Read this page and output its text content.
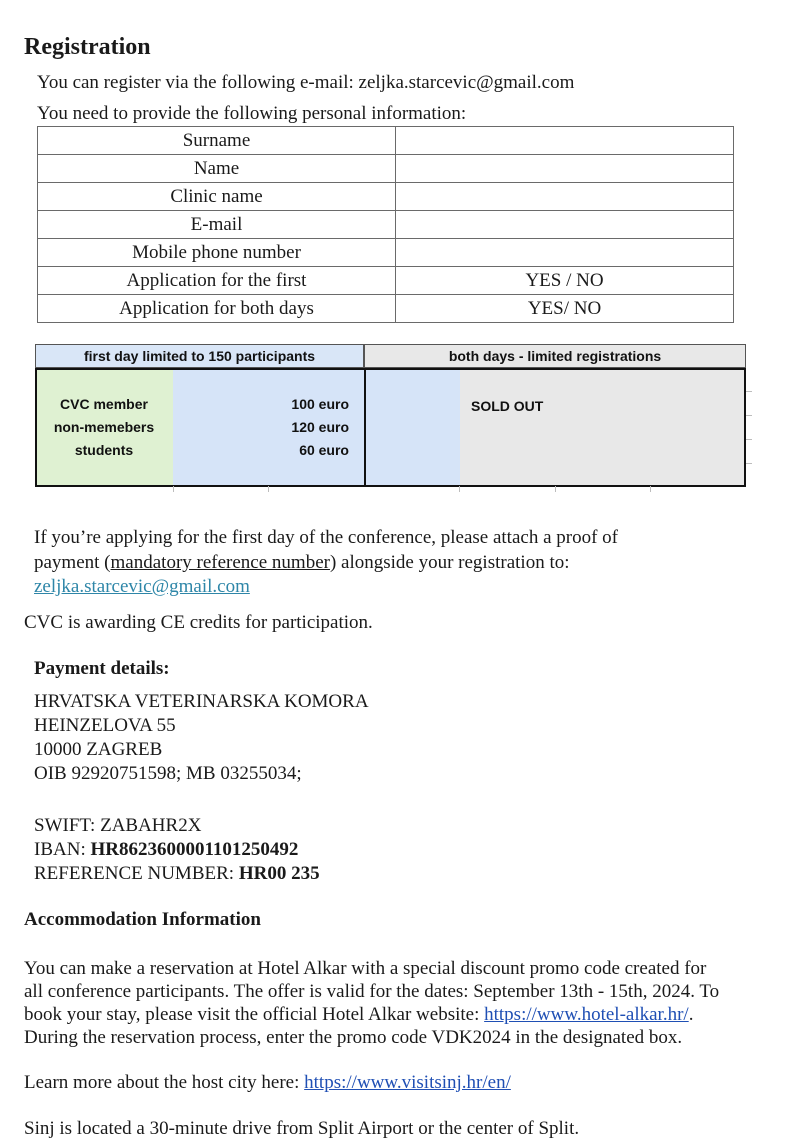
Registration
You can register via the following e-mail: zeljka.starcevic@gmail.com
You need to provide the following personal information:
Surname	
Name	
Clinic name	
E-mail	
Mobile phone number	
Application for the first	YES / NO
Application for both days	YES/ NO
first day limited to 150 participants	both days - limited registrations
CVC member	100 euro
non-memebers	120 euro
students	60 euro
SOLD OUT
If you’re applying for the first day of the conference, please attach a proof of
payment (mandatory reference number) alongside your registration to:
zeljka.starcevic@gmail.com
CVC is awarding CE credits for participation.
Payment details:
HRVATSKA VETERINARSKA KOMORA
HEINZELOVA 55
10000 ZAGREB
OIB 92920751598; MB 03255034;
SWIFT: ZABAHR2X
IBAN: HR8623600001101250492
REFERENCE NUMBER: HR00 235
Accommodation Information
You can make a reservation at Hotel Alkar with a special discount promo code created for
all conference participants. The offer is valid for the dates: September 13th - 15th, 2024. To
book your stay, please visit the official Hotel Alkar website: https://www.hotel-alkar.hr/.
During the reservation process, enter the promo code VDK2024 in the designated box.
Learn more about the host city here: https://www.visitsinj.hr/en/
Sinj is located a 30-minute drive from Split Airport or the center of Split.
